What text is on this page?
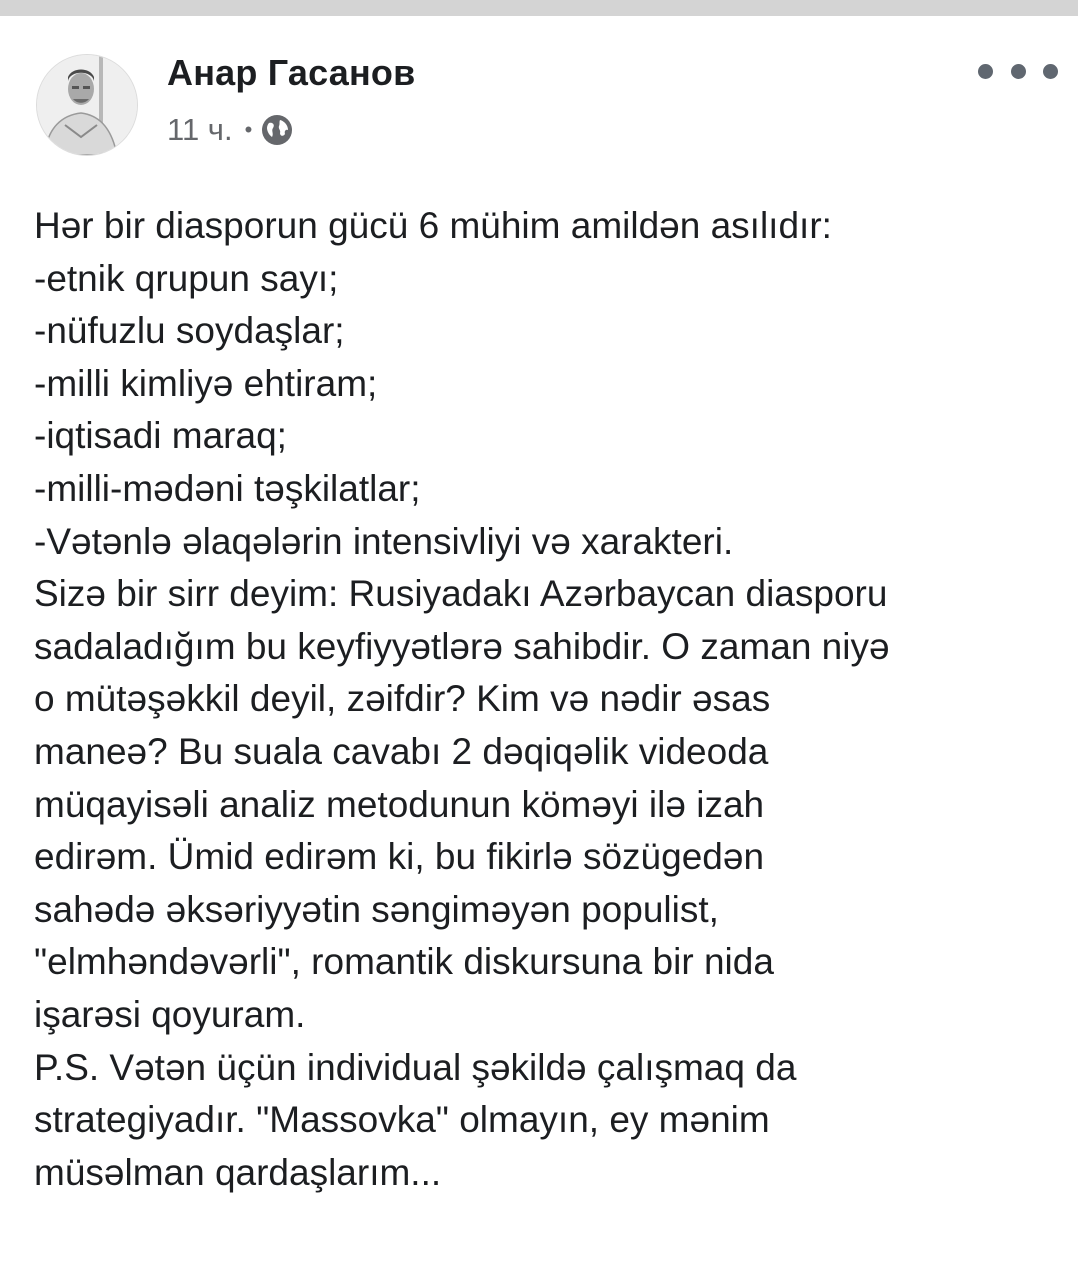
Анар Гасанов
11 ч. •
Hər bir diasporun gücü 6 mühim amildən asılıdır:
-etnik qrupun sayı;
-nüfuzlu soydaşlar;
-milli kimliyə ehtiram;
-iqtisadi maraq;
-milli-mədəni təşkilatlar;
-Vətənlə əlaqələrin intensivliyi və xarakteri.
Sizə bir sirr deyim: Rusiyadakı Azərbaycan diasporu
sadaladığım bu keyfiyyətlərə sahibdir. O zaman niyə
o mütəşəkkil deyil, zəifdir? Kim və nədir əsas
maneə? Bu suala cavabı 2 dəqiqəlik videoda
müqayisəli analiz metodunun köməyi ilə izah
edirəm. Ümid edirəm ki, bu fikirlə sözügedən
sahədə əksəriyyətin səngiməyən populist,
"elmhəndəvərli", romantik diskursuna bir nida
işarəsi qoyuram.
P.S. Vətən üçün individual şəkildə çalışmaq da
strategiyadır. "Massovka" olmayın, ey mənim
müsəlman qardaşlarım...
